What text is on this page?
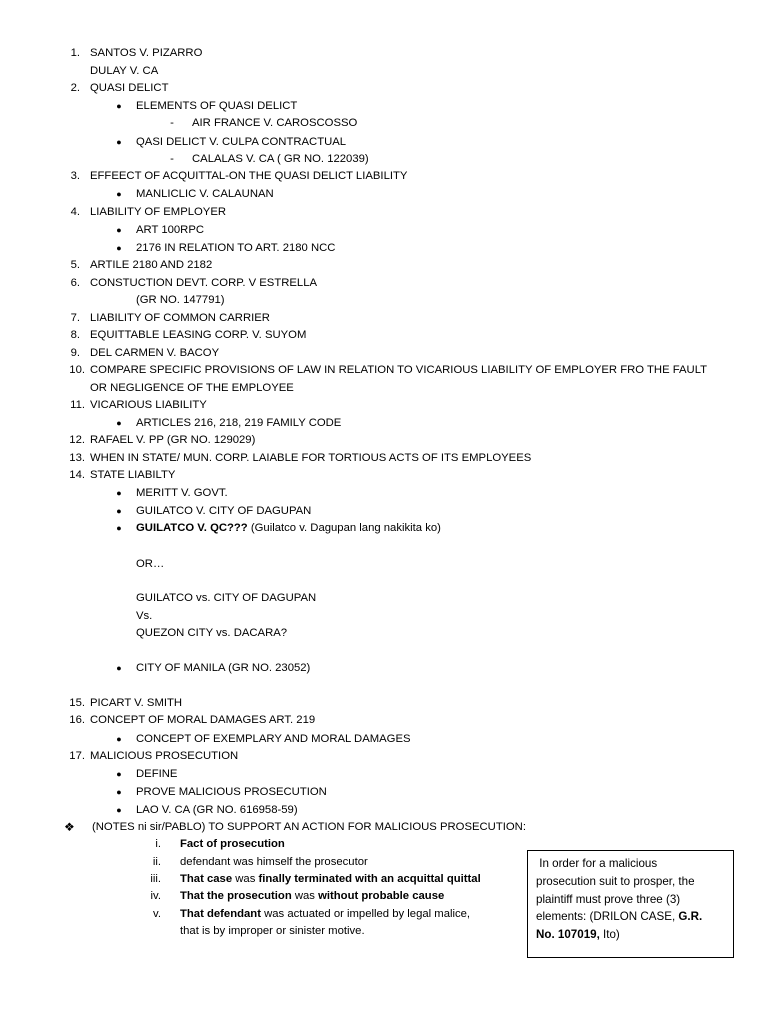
1. SANTOS V. PIZARRO
DULAY V. CA
2. QUASI DELICT
●	ELEMENTS OF QUASI DELICT
- AIR FRANCE V. CAROSCOSSO
●	QASI DELICT V. CULPA CONTRACTUAL
- CALALAS V. CA ( GR NO. 122039)
3. EFFEECT OF ACQUITTAL-ON THE QUASI DELICT LIABILITY
●	MANLICLIC V. CALAUNAN
4. LIABILITY OF EMPLOYER
●	ART 100RPC
●	2176 IN RELATION TO ART. 2180 NCC
5. ARTILE 2180 AND 2182
6. CONSTUCTION DEVT. CORP. V ESTRELLA
(GR NO. 147791)
7. LIABILITY OF COMMON CARRIER
8. EQUITTABLE LEASING CORP. V. SUYOM
9. DEL CARMEN V. BACOY
10. COMPARE SPECIFIC PROVISIONS OF LAW IN RELATION TO VICARIOUS LIABILITY OF EMPLOYER FRO THE FAULT
OR NEGLIGENCE OF THE EMPLOYEE
11. VICARIOUS LIABILITY
●	ARTICLES 216, 218, 219 FAMILY CODE
12. RAFAEL V. PP (GR NO. 129029)
13. WHEN IN STATE/ MUN. CORP. LAIABLE FOR TORTIOUS ACTS OF ITS EMPLOYEES
14. STATE LIABILTY
●	MERITT V. GOVT.
●	GUILATCO V. CITY OF DAGUPAN
●	GUILATCO V. QC??? (Guilatco v. Dagupan lang nakikita ko)
OR…
GUILATCO vs. CITY OF DAGUPAN
Vs.
QUEZON CITY vs. DACARA?
●	CITY OF MANILA (GR NO. 23052)
15. PICART V. SMITH
16. CONCEPT OF MORAL DAMAGES ART. 219
●	CONCEPT OF EXEMPLARY AND MORAL DAMAGES
17. MALICIOUS PROSECUTION
●	DEFINE
●	PROVE MALICIOUS PROSECUTION
●	LAO V. CA (GR NO. 616958-59)
❖ (NOTES ni sir/PABLO) TO SUPPORT AN ACTION FOR MALICIOUS PROSECUTION:
i. Fact of prosecution
ii. defendant was himself the prosecutor
iii. That case was finally terminated with an acquittal quittal
iv. That the prosecution was without probable cause
v. That defendant was actuated or impelled by legal malice,
that is by improper or sinister motive.
In order for a malicious
prosecution suit to prosper, the
plaintiff must prove three (3)
elements: (DRILON CASE, G.R.
No. 107019, Ito)
